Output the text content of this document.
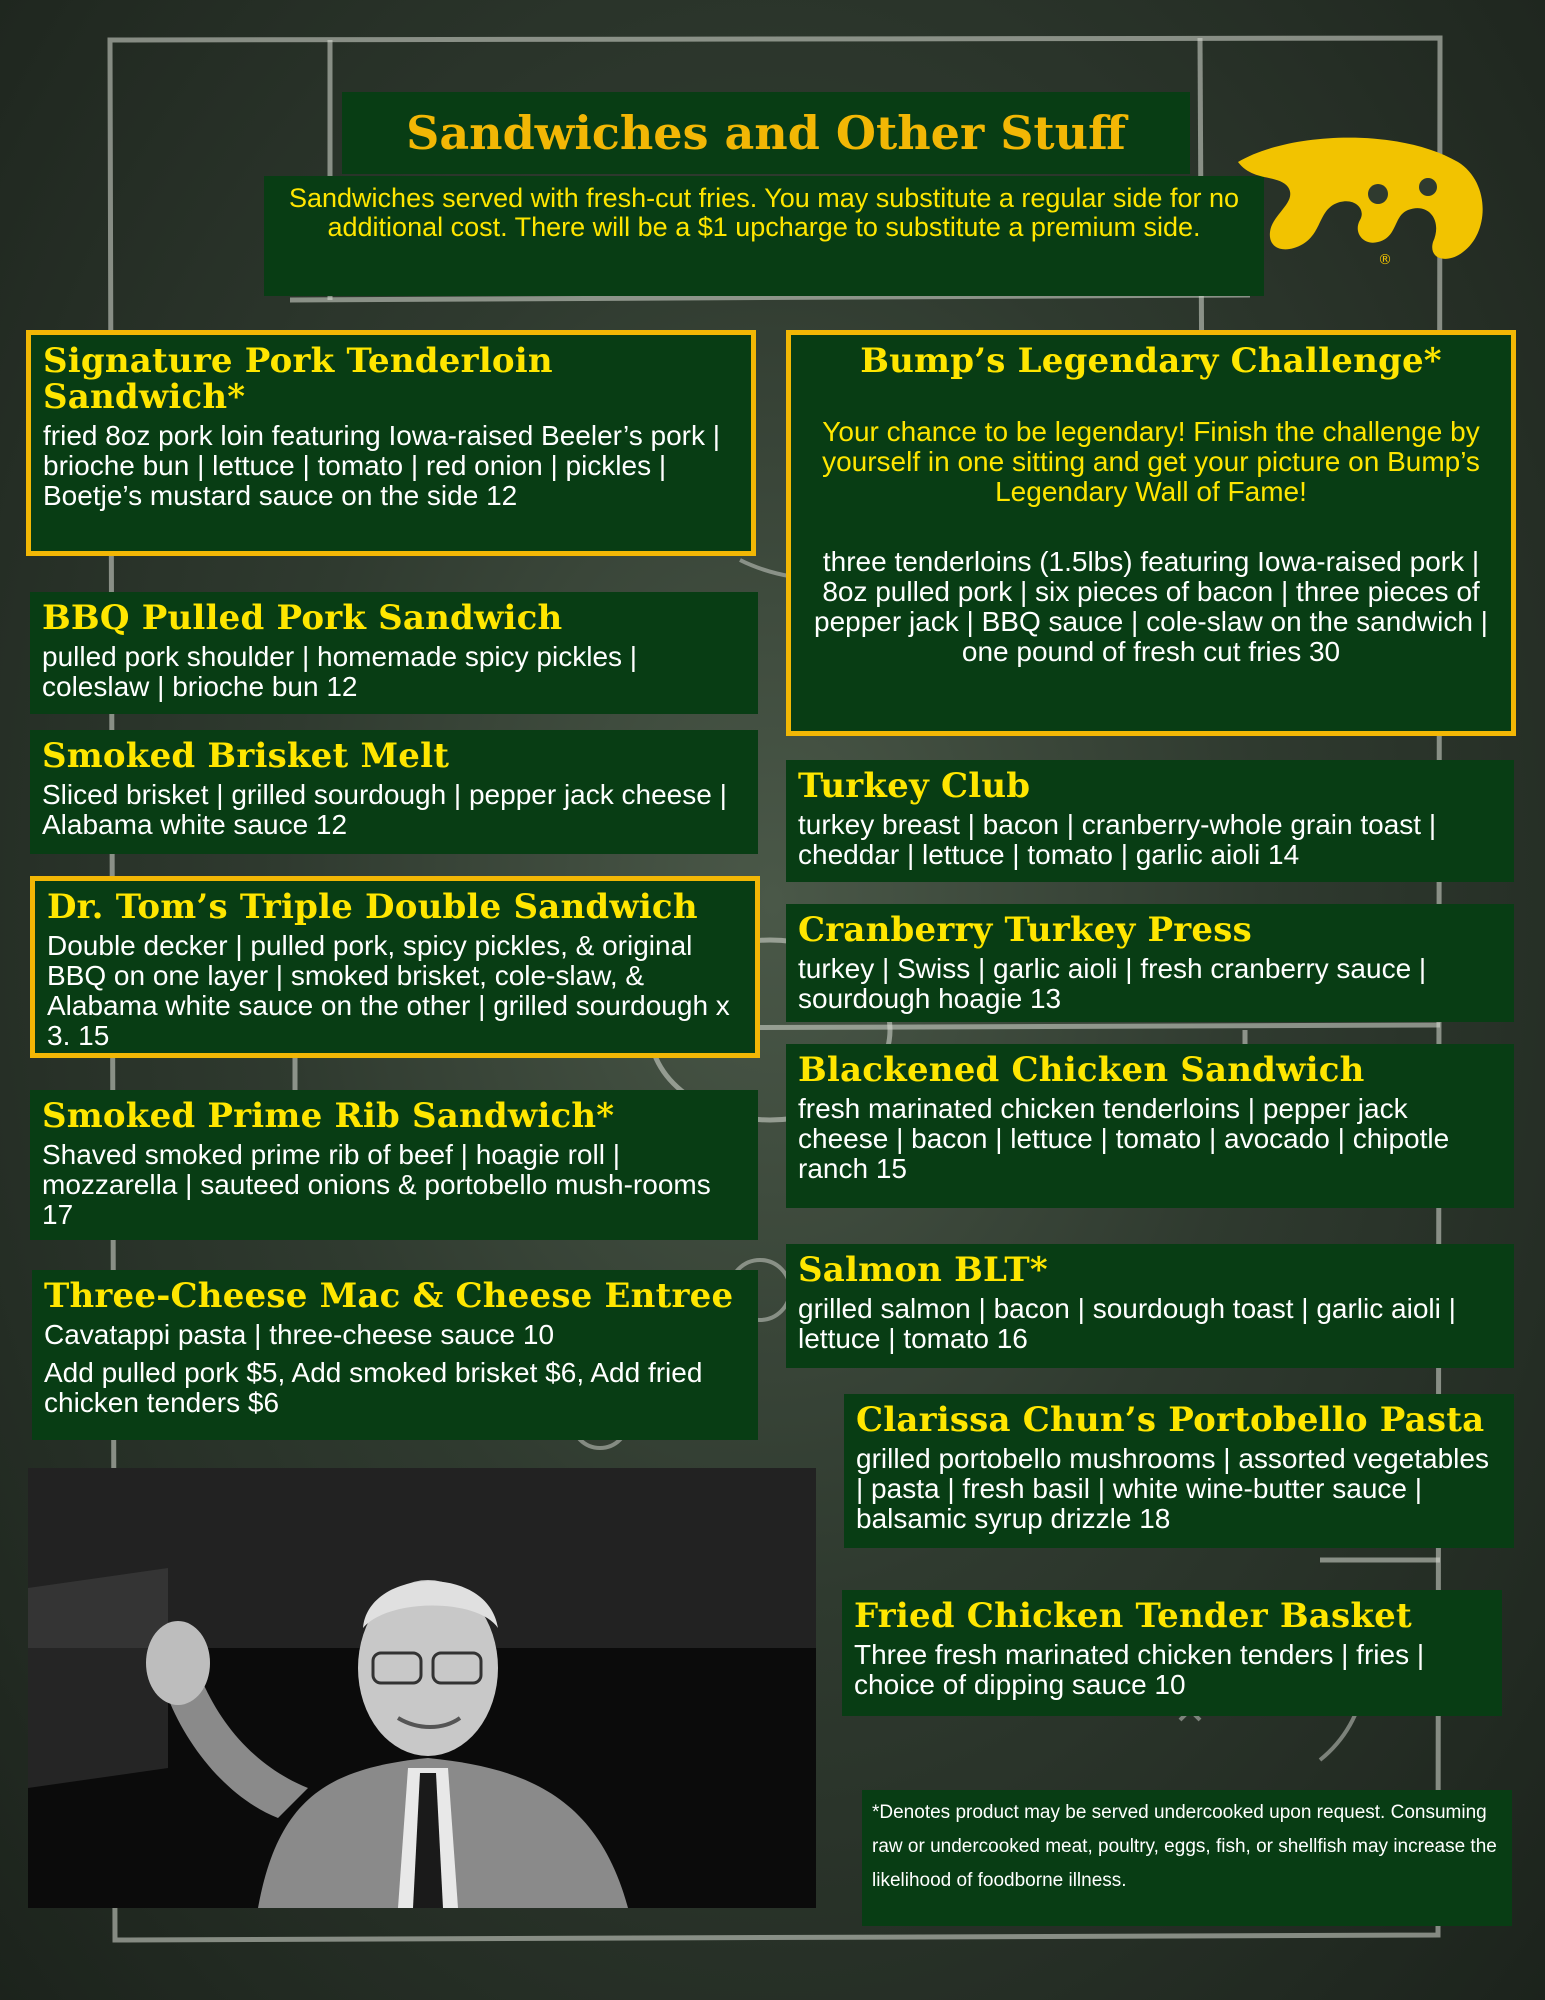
Sandwiches and Other Stuff
Sandwiches served with fresh-cut fries. You may substitute a regular side for no additional cost. There will be a $1 upcharge to substitute a premium side.
®
Signature Pork Tenderloin Sandwich*
fried 8oz pork loin featuring Iowa-raised Beeler’s pork | brioche bun | lettuce | tomato | red onion | pickles | Boetje’s mustard sauce on the side 12
BBQ Pulled Pork Sandwich
pulled pork shoulder | homemade spicy pickles | coleslaw | brioche bun 12
Smoked Brisket Melt
Sliced brisket | grilled sourdough | pepper jack cheese | Alabama white sauce 12
Dr. Tom’s Triple Double Sandwich
Double decker | pulled pork, spicy pickles, & original BBQ on one layer | smoked brisket, cole-slaw, & Alabama white sauce on the other | grilled sourdough x 3. 15
Smoked Prime Rib Sandwich*
Shaved smoked prime rib of beef | hoagie roll | mozzarella | sauteed onions & portobello mush-rooms 17
Three-Cheese Mac & Cheese Entree
Cavatappi pasta | three-cheese sauce 10
Add pulled pork $5, Add smoked brisket $6, Add fried chicken tenders $6
Bump’s Legendary Challenge*
Your chance to be legendary! Finish the challenge by yourself in one sitting and get your picture on Bump’s Legendary Wall of Fame!
three tenderloins (1.5lbs) featuring Iowa-raised pork | 8oz pulled pork | six pieces of bacon | three pieces of pepper jack | BBQ sauce | cole-slaw on the sandwich | one pound of fresh cut fries 30
Turkey Club
turkey breast | bacon | cranberry-whole grain toast | cheddar | lettuce | tomato | garlic aioli 14
Cranberry Turkey Press
turkey | Swiss | garlic aioli | fresh cranberry sauce | sourdough hoagie 13
Blackened Chicken Sandwich
fresh marinated chicken tenderloins | pepper jack cheese | bacon | lettuce | tomato | avocado | chipotle ranch 15
Salmon BLT*
grilled salmon | bacon | sourdough toast | garlic aioli | lettuce | tomato 16
Clarissa Chun’s Portobello Pasta
grilled portobello mushrooms | assorted vegetables | pasta | fresh basil | white wine-butter sauce | balsamic syrup drizzle 18
Fried Chicken Tender Basket
Three fresh marinated chicken tenders | fries | choice of dipping sauce 10
*Denotes product may be served undercooked upon request. Consuming raw or undercooked meat, poultry, eggs, fish, or shellfish may increase the likelihood of foodborne illness.
